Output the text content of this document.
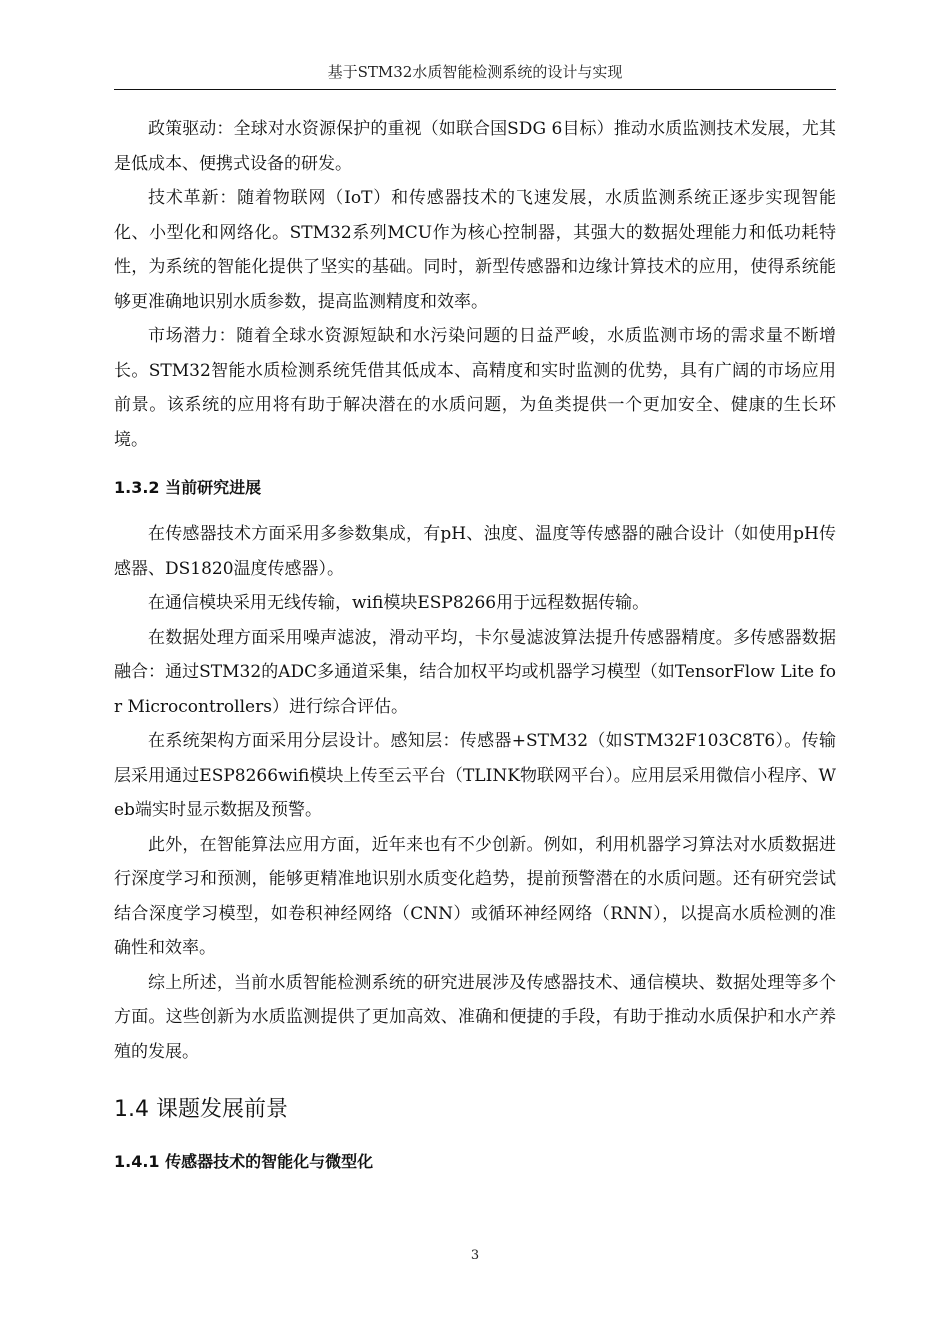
基于STM32水质智能检测系统的设计与实现

政策驱动：全球对水资源保护的重视（如联合国SDG 6目标）推动水质监测技术发展，尤其是低成本、便携式设备的研发。

技术革新：随着物联网（IoT）和传感器技术的飞速发展，水质监测系统正逐步实现智能化、小型化和网络化。STM32系列MCU作为核心控制器，其强大的数据处理能力和低功耗特性，为系统的智能化提供了坚实的基础。同时，新型传感器和边缘计算技术的应用，使得系统能够更准确地识别水质参数，提高监测精度和效率。

市场潜力：随着全球水资源短缺和水污染问题的日益严峻，水质监测市场的需求量不断增长。STM32智能水质检测系统凭借其低成本、高精度和实时监测的优势，具有广阔的市场应用前景。该系统的应用将有助于解决潜在的水质问题，为鱼类提供一个更加安全、健康的生长环境。

1.3.2 当前研究进展

在传感器技术方面采用多参数集成，有pH、浊度、温度等传感器的融合设计（如使用pH传感器、DS1820温度传感器）。

在通信模块采用无线传输，wifi模块ESP8266用于远程数据传输。

在数据处理方面采用噪声滤波，滑动平均，卡尔曼滤波算法提升传感器精度。多传感器数据融合：通过STM32的ADC多通道采集，结合加权平均或机器学习模型（如TensorFlow Lite for Microcontrollers）进行综合评估。

在系统架构方面采用分层设计。感知层：传感器+STM32（如STM32F103C8T6）。传输层采用通过ESP8266wifi模块上传至云平台（TLINK物联网平台）。应用层采用微信小程序、Web端实时显示数据及预警。

此外，在智能算法应用方面，近年来也有不少创新。例如，利用机器学习算法对水质数据进行深度学习和预测，能够更精准地识别水质变化趋势，提前预警潜在的水质问题。还有研究尝试结合深度学习模型，如卷积神经网络（CNN）或循环神经网络（RNN），以提高水质检测的准确性和效率。

综上所述，当前水质智能检测系统的研究进展涉及传感器技术、通信模块、数据处理等多个方面。这些创新为水质监测提供了更加高效、准确和便捷的手段，有助于推动水质保护和水产养殖的发展。

1.4 课题发展前景
1.4.1 传感器技术的智能化与微型化
3
